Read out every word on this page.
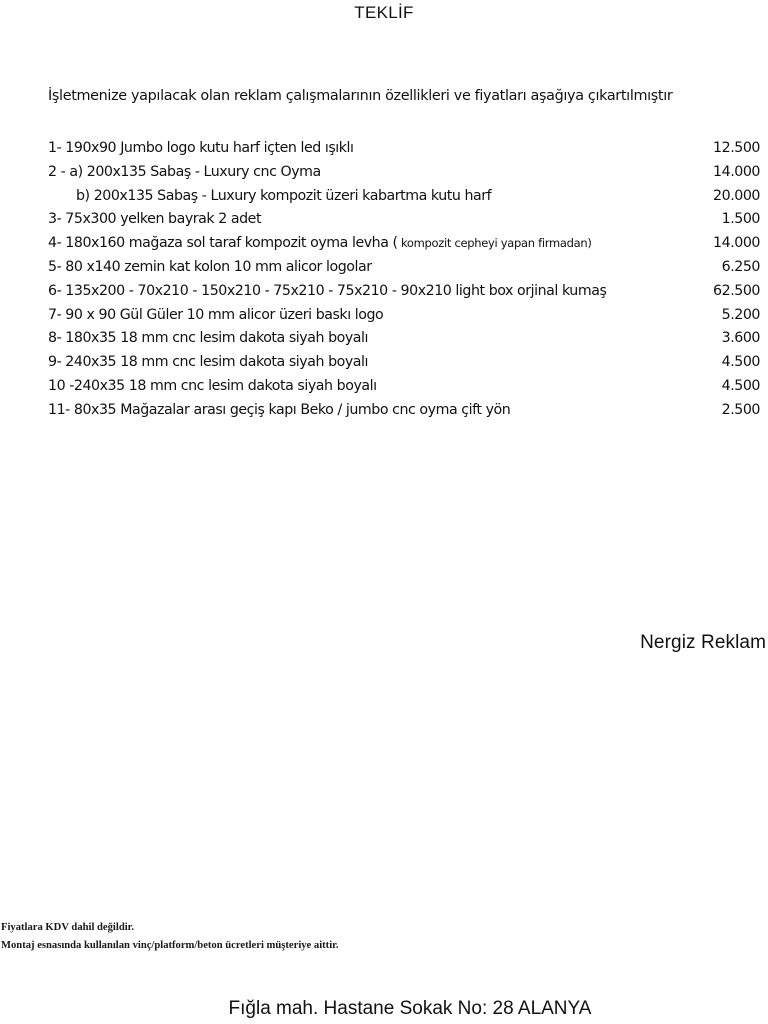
TEKLİF
İşletmenize yapılacak olan reklam çalışmalarının özellikleri ve fiyatları aşağıya çıkartılmıştır
1- 190x90 Jumbo logo kutu harf içten led ışıklı	12.500
2 - a) 200x135 Sabaş - Luxury cnc Oyma	14.000
b) 200x135 Sabaş - Luxury kompozit üzeri kabartma kutu harf	20.000
3- 75x300 yelken bayrak 2 adet	1.500
4- 180x160 mağaza sol taraf kompozit oyma levha ( kompozit cepheyi yapan firmadan)	14.000
5- 80 x140 zemin kat kolon 10 mm alicor logolar	6.250
6- 135x200 - 70x210 - 150x210 - 75x210 - 75x210 - 90x210 light box orjinal kumaş	62.500
7- 90 x 90 Gül Güler 10 mm alicor üzeri baskı logo	5.200
8- 180x35 18 mm cnc lesim dakota siyah boyalı	3.600
9- 240x35 18 mm cnc lesim dakota siyah boyalı	4.500
10 -240x35 18 mm cnc lesim dakota siyah boyalı	4.500
11- 80x35 Mağazalar arası geçiş kapı Beko / jumbo cnc oyma çift yön	2.500
Nergiz Reklam
Fiyatlara KDV dahil değildir.
Montaj esnasında kullanılan vinç/platform/beton ücretleri müşteriye aittir.
Fığla mah. Hastane Sokak No: 28 ALANYA
